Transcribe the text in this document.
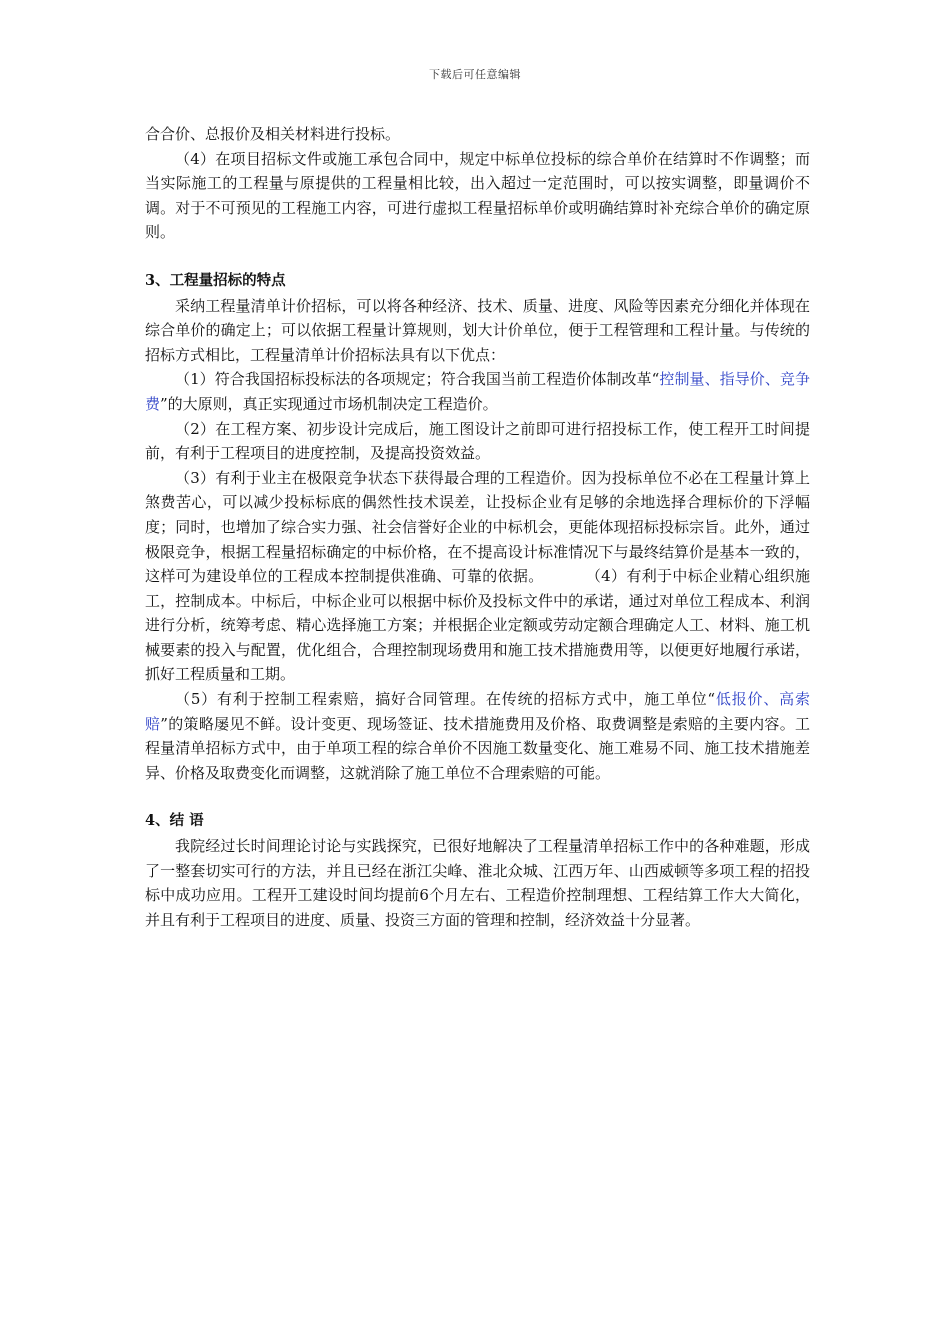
下载后可任意编辑

合合价、总报价及相关材料进行投标。

（4）在项目招标文件或施工承包合同中，规定中标单位投标的综合单价在结算时不作调整；而当实际施工的工程量与原提供的工程量相比较，出入超过一定范围时，可以按实调整，即量调价不调。对于不可预见的工程施工内容，可进行虚拟工程量招标单价或明确结算时补充综合单价的确定原则。

3、工程量招标的特点

采纳工程量清单计价招标，可以将各种经济、技术、质量、进度、风险等因素充分细化并体现在综合单价的确定上；可以依据工程量计算规则，划大计价单位，便于工程管理和工程计量。与传统的招标方式相比，工程量清单计价招标法具有以下优点：

（1）符合我国招标投标法的各项规定；符合我国当前工程造价体制改革“控制量、指导价、竞争费”的大原则，真正实现通过市场机制决定工程造价。

（2）在工程方案、初步设计完成后，施工图设计之前即可进行招投标工作，使工程开工时间提前，有利于工程项目的进度控制，及提高投资效益。

（3）有利于业主在极限竞争状态下获得最合理的工程造价。因为投标单位不必在工程量计算上煞费苦心，可以减少投标标底的偶然性技术误差，让投标企业有足够的余地选择合理标价的下浮幅度；同时，也增加了综合实力强、社会信誉好企业的中标机会，更能体现招标投标宗旨。此外，通过极限竞争，根据工程量招标确定的中标价格，在不提高设计标准情况下与最终结算价是基本一致的，这样可为建设单位的工程成本控制提供准确、可靠的依据。	（4）有利于中标企业精心组织施工，控制成本。中标后，中标企业可以根据中标价及投标文件中的承诺，通过对单位工程成本、利润进行分析，统筹考虑、精心选择施工方案；并根据企业定额或劳动定额合理确定人工、材料、施工机械要素的投入与配置，优化组合，合理控制现场费用和施工技术措施费用等，以便更好地履行承诺，抓好工程质量和工期。

（5）有利于控制工程索赔，搞好合同管理。在传统的招标方式中，施工单位“低报价、高索赔”的策略屡见不鲜。设计变更、现场签证、技术措施费用及价格、取费调整是索赔的主要内容。工程量清单招标方式中，由于单项工程的综合单价不因施工数量变化、施工难易不同、施工技术措施差异、价格及取费变化而调整，这就消除了施工单位不合理索赔的可能。

4、结 语

我院经过长时间理论讨论与实践探究，已很好地解决了工程量清单招标工作中的各种难题，形成了一整套切实可行的方法，并且已经在浙江尖峰、淮北众城、江西万年、山西威顿等多项工程的招投标中成功应用。工程开工建设时间均提前6个月左右、工程造价控制理想、工程结算工作大大简化，并且有利于工程项目的进度、质量、投资三方面的管理和控制，经济效益十分显著。
